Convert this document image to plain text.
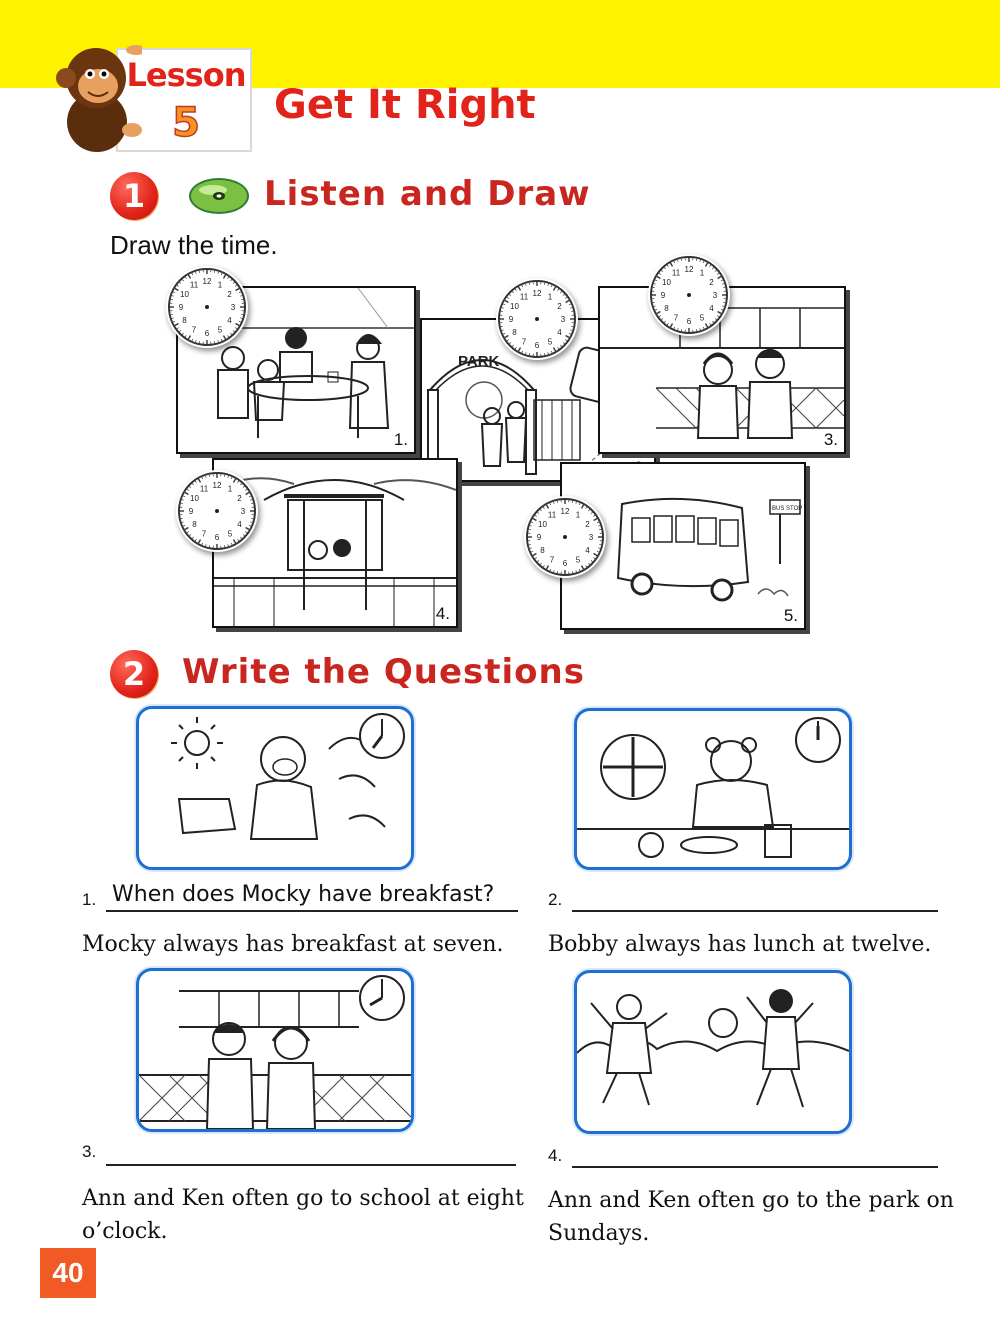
Lesson
5	Get It Right
1	Listen and Draw
Draw the time.
1.
PARK
3.
4.
BUS STOP
5.
1
2
3
4
5
6
7
8
9
10
11 12
1
2
3
4
5
6
7
8
9
10
11 12
1
2
3
4
5
6
7
8
9
10
11 12
1
2
3
4
5
6
7
8
9
10
11 12
1
2
3
4
5
6
7
8
9
10
11 12
2	Write the Questions
1. When does Mocky have breakfast?
Mocky always has breakfast at seven.
2.
Bobby always has lunch at twelve.
3.
Ann and Ken often go to school at eight o’clock.
4.
Ann and Ken often go to the park on Sundays.
40
